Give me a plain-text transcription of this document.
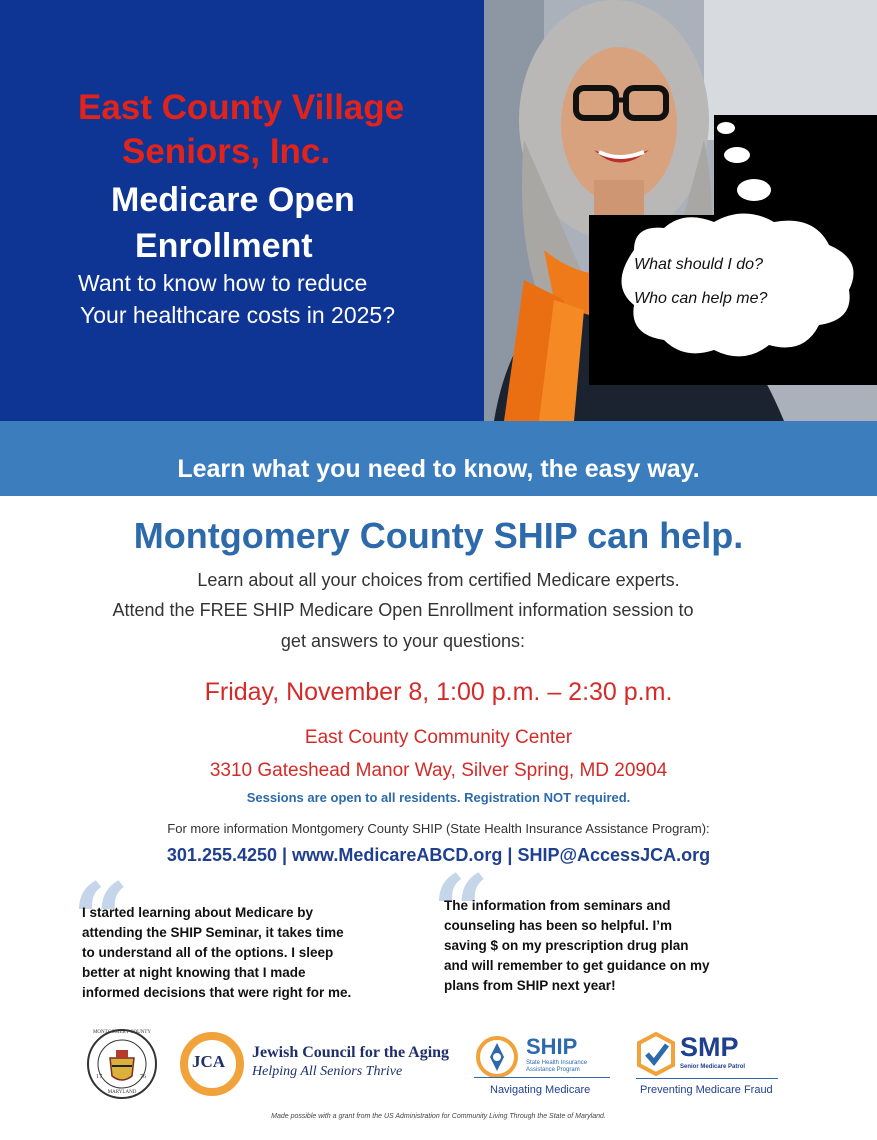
East County Village
Seniors, Inc.
Medicare Open
Enrollment
Want to know how to reduce
Your healthcare costs in 2025?
What should I do?
Who can help me?
Learn what you need to know, the easy way.
Montgomery County SHIP can help.
Learn about all your choices from certified Medicare experts.
Attend the FREE SHIP Medicare Open Enrollment information session to
get answers to your questions:
Friday, November 8, 1:00 p.m. – 2:30 p.m.
East County Community Center
3310 Gateshead Manor Way, Silver Spring, MD 20904
Sessions are open to all residents. Registration NOT required.
For more information Montgomery County SHIP (State Health Insurance Assistance Program):
301.255.4250 | www.MedicareABCD.org | SHIP@AccessJCA.org
“
I started learning about Medicare by
attending the SHIP Seminar, it takes time
to understand all of the options. I sleep
better at night knowing that I made
informed decisions that were right for me.
“
The information from seminars and
counseling has been so helpful. I’m
saving $ on my prescription drug plan
and will remember to get guidance on my
plans from SHIP next year!
MONTGOMERY COUNTY
MARYLAND
17	76
JCA Jewish Council for the Aging
Helping All Seniors Thrive
SHIP
State Health Insurance
Assistance Program
Navigating Medicare
SMP
Senior Medicare Patrol
Preventing Medicare Fraud
Made possible with a grant from the US Administration for Community Living Through the State of Maryland.
